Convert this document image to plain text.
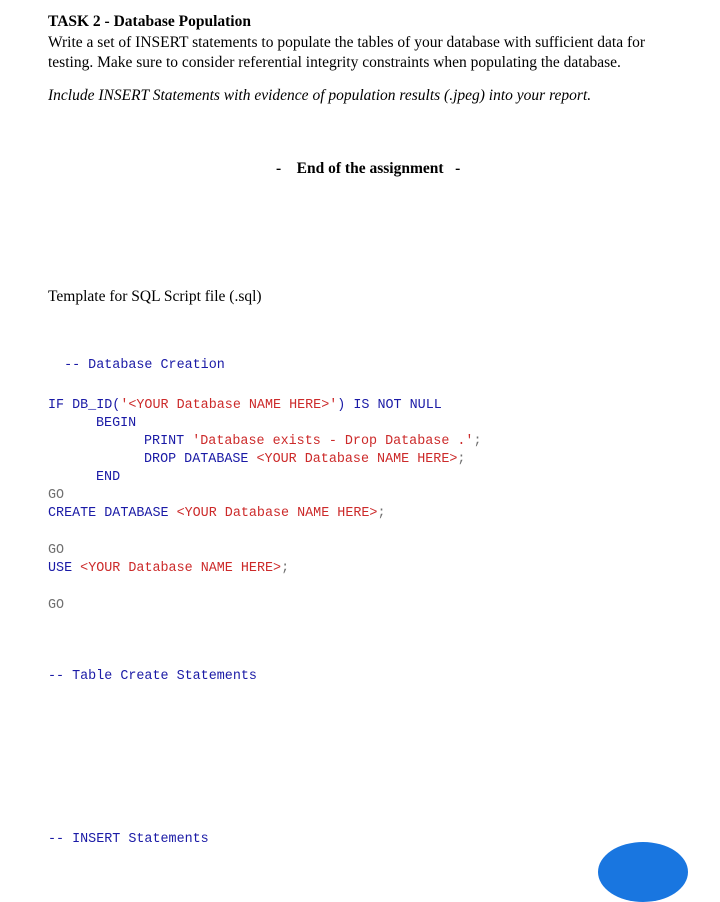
TASK 2 - Database Population
Write a set of INSERT statements to populate the tables of your database with sufficient data for testing. Make sure to consider referential integrity constraints when populating the database.
Include INSERT Statements with evidence of population results (.jpeg) into your report.
- End of the assignment -
Template for SQL Script file (.sql)

-- Database Creation

IF DB_ID('<YOUR Database NAME HERE>') IS NOT NULL
BEGIN
PRINT 'Database exists - Drop Database .';
DROP DATABASE <YOUR Database NAME HERE>;
END
GO
CREATE DATABASE <YOUR Database NAME HERE>;
GO
USE <YOUR Database NAME HERE>;
GO
-- Table Create Statements
-- INSERT Statements
